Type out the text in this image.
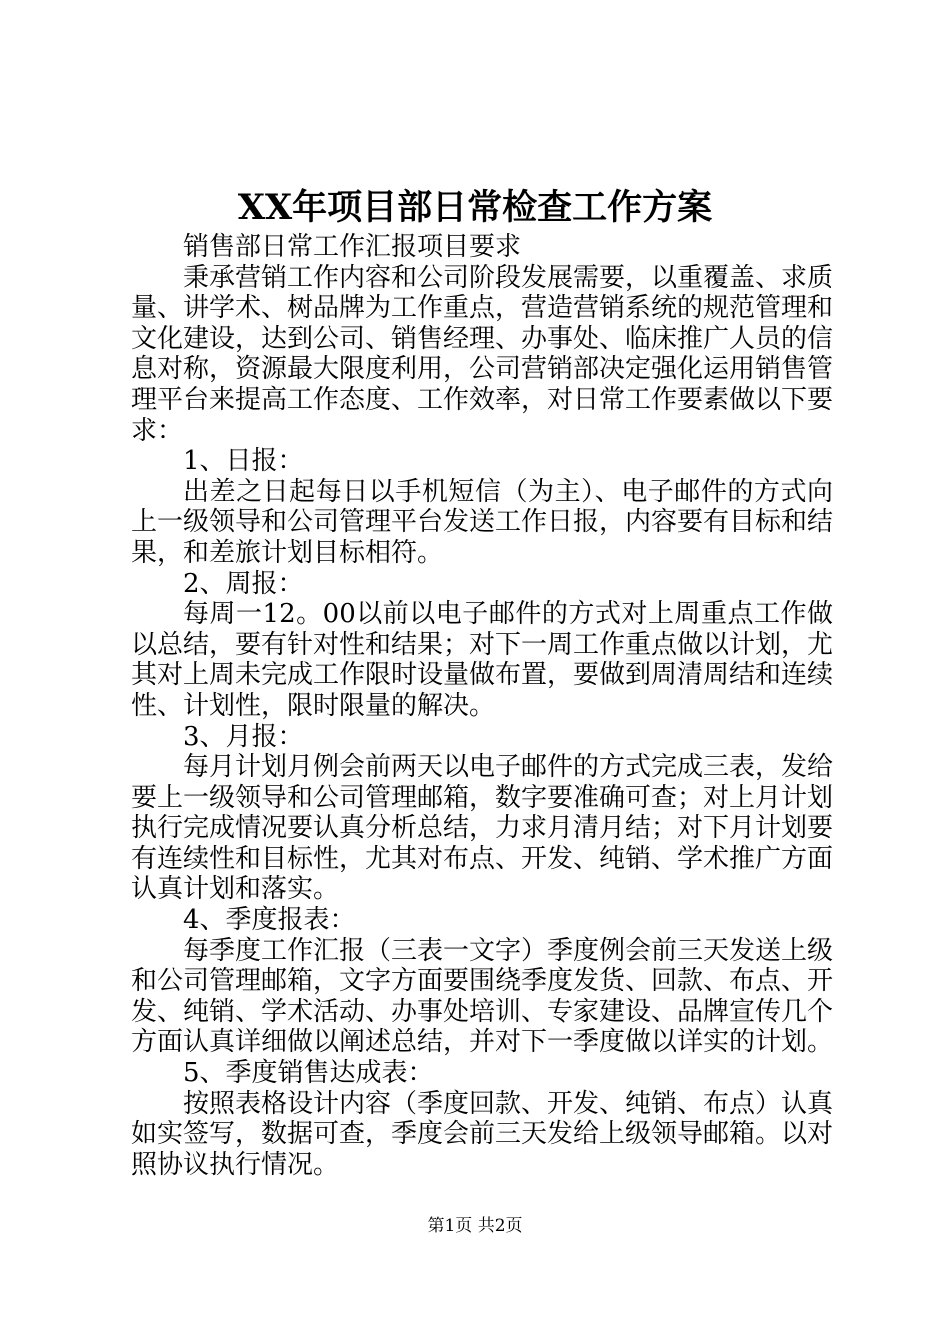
XX年项目部日常检查工作方案

销售部日常工作汇报项目要求

秉承营销工作内容和公司阶段发展需要，以重覆盖、求质量、讲学术、树品牌为工作重点，营造营销系统的规范管理和文化建设，达到公司、销售经理、办事处、临床推广人员的信息对称，资源最大限度利用，公司营销部决定强化运用销售管理平台来提高工作态度、工作效率，对日常工作要素做以下要求：

1、日报：

出差之日起每日以手机短信（为主）、电子邮件的方式向上一级领导和公司管理平台发送工作日报，内容要有目标和结果，和差旅计划目标相符。

2、周报：

每周一12。00以前以电子邮件的方式对上周重点工作做以总结，要有针对性和结果；对下一周工作重点做以计划，尤其对上周未完成工作限时设量做布置，要做到周清周结和连续性、计划性，限时限量的解决。

3、月报：

每月计划月例会前两天以电子邮件的方式完成三表，发给要上一级领导和公司管理邮箱，数字要准确可查；对上月计划执行完成情况要认真分析总结，力求月清月结；对下月计划要有连续性和目标性，尤其对布点、开发、纯销、学术推广方面认真计划和落实。

4、季度报表：

每季度工作汇报（三表一文字）季度例会前三天发送上级和公司管理邮箱，文字方面要围绕季度发货、回款、布点、开发、纯销、学术活动、办事处培训、专家建设、品牌宣传几个方面认真详细做以阐述总结，并对下一季度做以详实的计划。

5、季度销售达成表：

按照表格设计内容（季度回款、开发、纯销、布点）认真如实签写，数据可查，季度会前三天发给上级领导邮箱。以对照协议执行情况。

第1页 共2页
